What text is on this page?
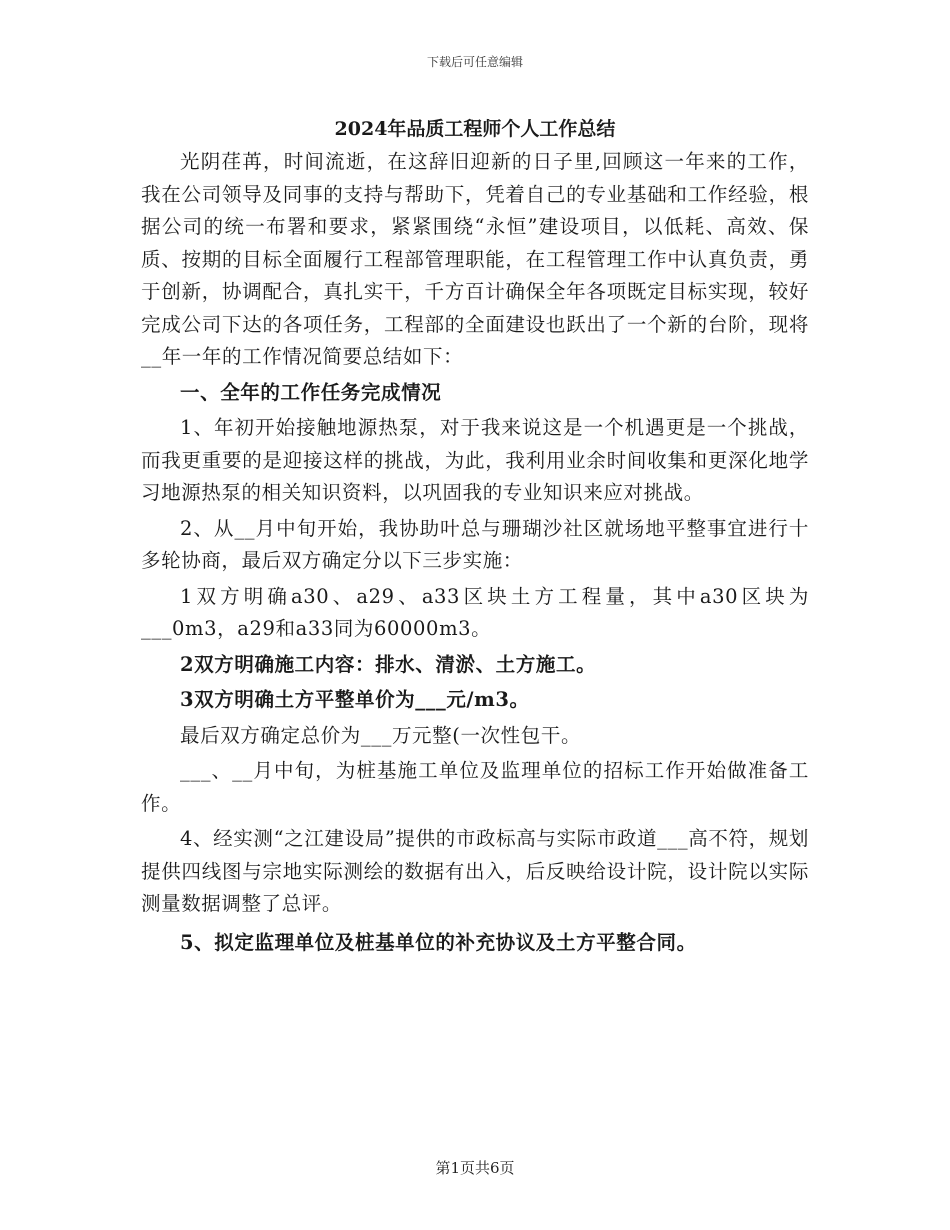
下载后可任意编辑
2024年品质工程师个人工作总结

光阴荏苒，时间流逝，在这辞旧迎新的日子里,回顾这一年来的工作，我在公司领导及同事的支持与帮助下，凭着自己的专业基础和工作经验，根据公司的统一布署和要求，紧紧围绕“永恒”建设项目，以低耗、高效、保质、按期的目标全面履行工程部管理职能，在工程管理工作中认真负责，勇于创新，协调配合，真扎实干，千方百计确保全年各项既定目标实现，较好完成公司下达的各项任务，工程部的全面建设也跃出了一个新的台阶，现将__年一年的工作情况简要总结如下：

一、全年的工作任务完成情况

1、年初开始接触地源热泵，对于我来说这是一个机遇更是一个挑战，而我更重要的是迎接这样的挑战，为此，我利用业余时间收集和更深化地学习地源热泵的相关知识资料，以巩固我的专业知识来应对挑战。

2、从__月中旬开始，我协助叶总与珊瑚沙社区就场地平整事宜进行十多轮协商，最后双方确定分以下三步实施：

1双方明确a30、a29、a33区块土方工程量，其中a30区块为___0m3，a29和a33同为60000m3。

2双方明确施工内容：排水、清淤、土方施工。

3双方明确土方平整单价为___元/m3。

最后双方确定总价为___万元整(一次性包干。

___、__月中旬，为桩基施工单位及监理单位的招标工作开始做准备工作。

4、经实测“之江建设局”提供的市政标高与实际市政道___高不符，规划提供四线图与宗地实际测绘的数据有出入，后反映给设计院，设计院以实际测量数据调整了总评。

5、拟定监理单位及桩基单位的补充协议及土方平整合同。

第1页共6页
